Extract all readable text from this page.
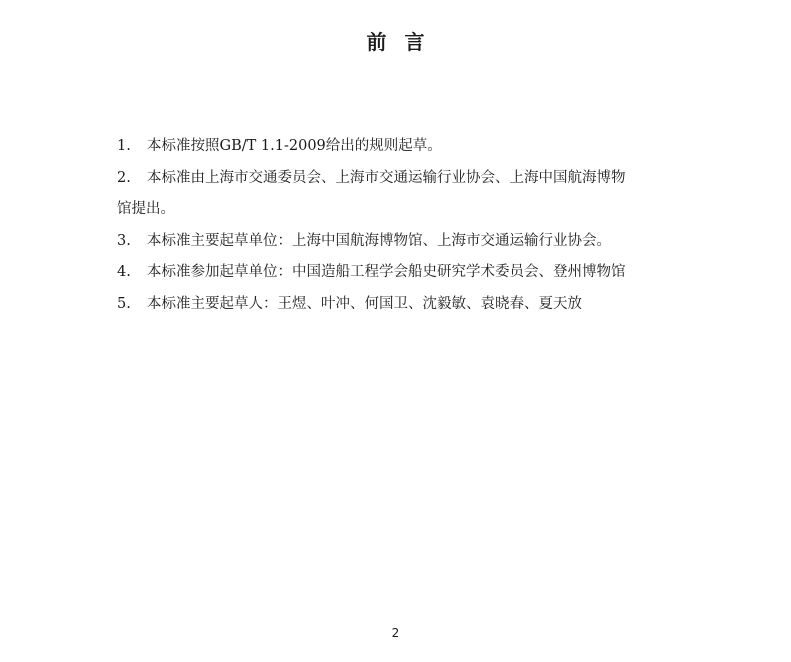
前言
1. 本标准按照GB/T 1.1-2009给出的规则起草。
2. 本标准由上海市交通委员会、上海市交通运输行业协会、上海中国航海博物
馆提出。
3. 本标准主要起草单位：上海中国航海博物馆、上海市交通运输行业协会。
4. 本标准参加起草单位：中国造船工程学会船史研究学术委员会、登州博物馆
5. 本标准主要起草人：王煜、叶冲、何国卫、沈毅敏、袁晓春、夏天放
2
